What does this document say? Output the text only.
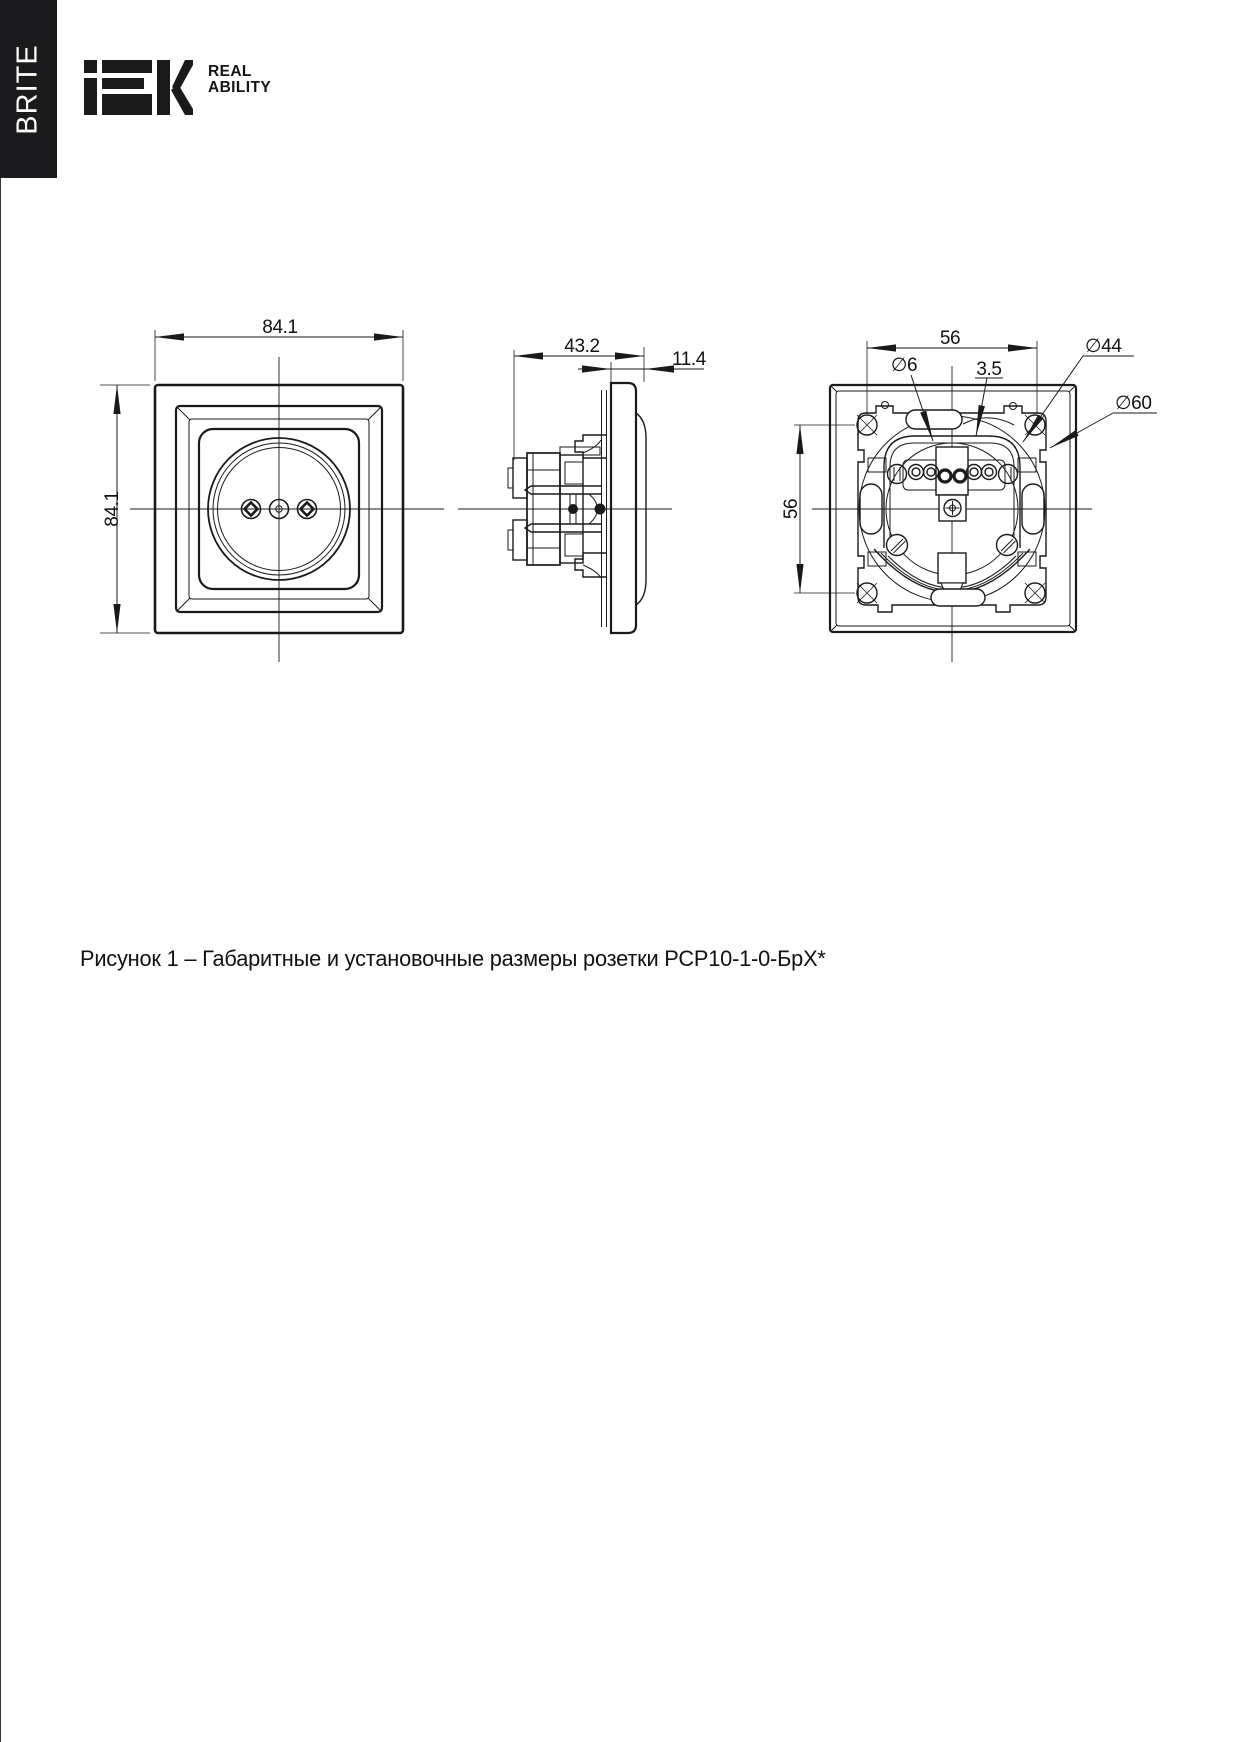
BRITE	REAL
ABILITY
84.1
84.1
43.2
11.4
56
56
∅6	3.5
∅44
∅60
Рисунок 1 – Габаритные и установочные размеры розетки РСР10-1-0-БрХ*
